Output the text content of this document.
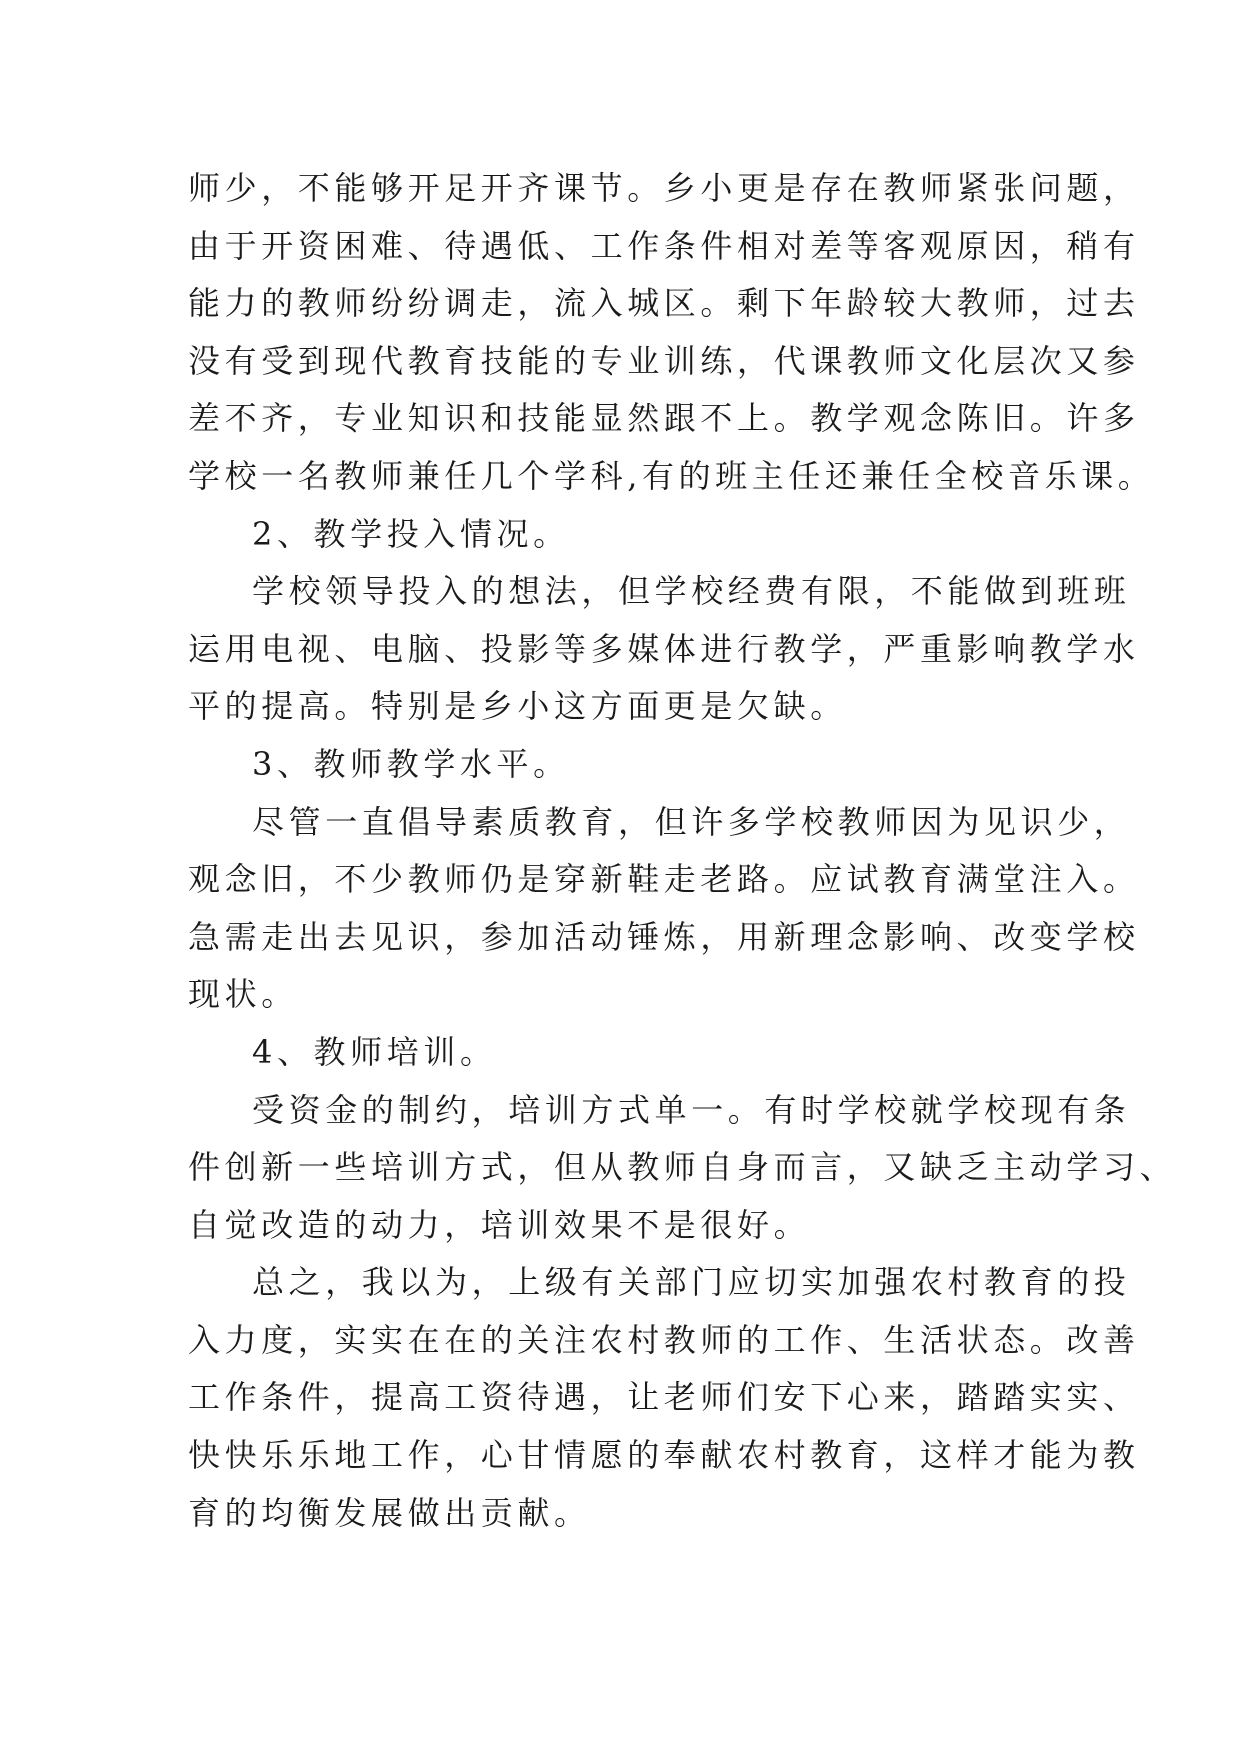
师少，不能够开足开齐课节。乡小更是存在教师紧张问题，
由于开资困难、待遇低、工作条件相对差等客观原因，稍有
能力的教师纷纷调走，流入城区。剩下年龄较大教师，过去
没有受到现代教育技能的专业训练，代课教师文化层次又参
差不齐，专业知识和技能显然跟不上。教学观念陈旧。许多
学校一名教师兼任几个学科,有的班主任还兼任全校音乐课。
2、教学投入情况。
学校领导投入的想法，但学校经费有限，不能做到班班
运用电视、电脑、投影等多媒体进行教学，严重影响教学水
平的提高。特别是乡小这方面更是欠缺。
3、教师教学水平。
尽管一直倡导素质教育，但许多学校教师因为见识少，
观念旧，不少教师仍是穿新鞋走老路。应试教育满堂注入。
急需走出去见识，参加活动锤炼，用新理念影响、改变学校
现状。
4、教师培训。
受资金的制约，培训方式单一。有时学校就学校现有条
件创新一些培训方式，但从教师自身而言，又缺乏主动学习、
自觉改造的动力，培训效果不是很好。
总之，我以为，上级有关部门应切实加强农村教育的投
入力度，实实在在的关注农村教师的工作、生活状态。改善
工作条件，提高工资待遇，让老师们安下心来，踏踏实实、
快快乐乐地工作，心甘情愿的奉献农村教育，这样才能为教
育的均衡发展做出贡献。
